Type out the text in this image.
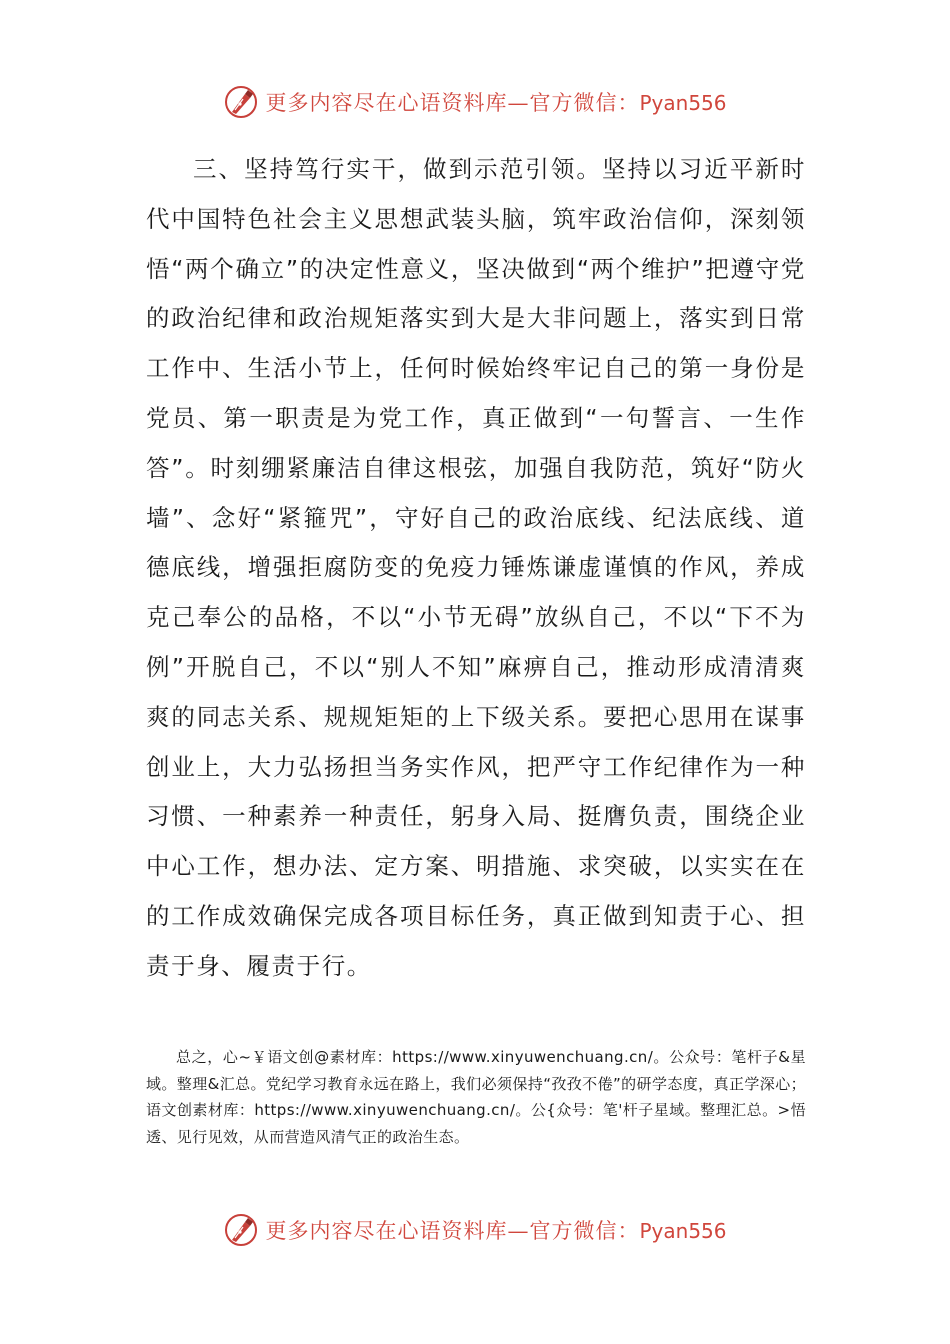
更多内容尽在心语资料库—官方微信：Pyan556

三、坚持笃行实干，做到示范引领。坚持以习近平新时代中国特色社会主义思想武装头脑，筑牢政治信仰，深刻领悟“两个确立”的决定性意义，坚决做到“两个维护”把遵守党的政治纪律和政治规矩落实到大是大非问题上，落实到日常工作中、生活小节上，任何时候始终牢记自己的第一身份是党员、第一职责是为党工作，真正做到“一句誓言、一生作答”。时刻绷紧廉洁自律这根弦，加强自我防范，筑好“防火墙”、念好“紧箍咒”，守好自己的政治底线、纪法底线、道德底线，增强拒腐防变的免疫力锤炼谦虚谨慎的作风，养成克己奉公的品格，不以“小节无碍”放纵自己，不以“下不为例”开脱自己，不以“别人不知”麻痹自己，推动形成清清爽爽的同志关系、规规矩矩的上下级关系。要把心思用在谋事创业上，大力弘扬担当务实作风，把严守工作纪律作为一种习惯、一种素养一种责任，躬身入局、挺膺负责，围绕企业中心工作，想办法、定方案、明措施、求突破，以实实在在的工作成效确保完成各项目标任务，真正做到知责于心、担责于身、履责于行。

总之，心~￥语文创@素材库：https://www.xinyuwenchuang.cn/。公众号：笔杆子&星域。整理&汇总。党纪学习教育永远在路上，我们必须保持“孜孜不倦”的研学态度，真正学深心；语文创素材库：https://www.xinyuwenchuang.cn/。公{众号：笔'杆子星域。整理汇总。>悟透、见行见效，从而营造风清气正的政治生态。

更多内容尽在心语资料库—官方微信：Pyan556
